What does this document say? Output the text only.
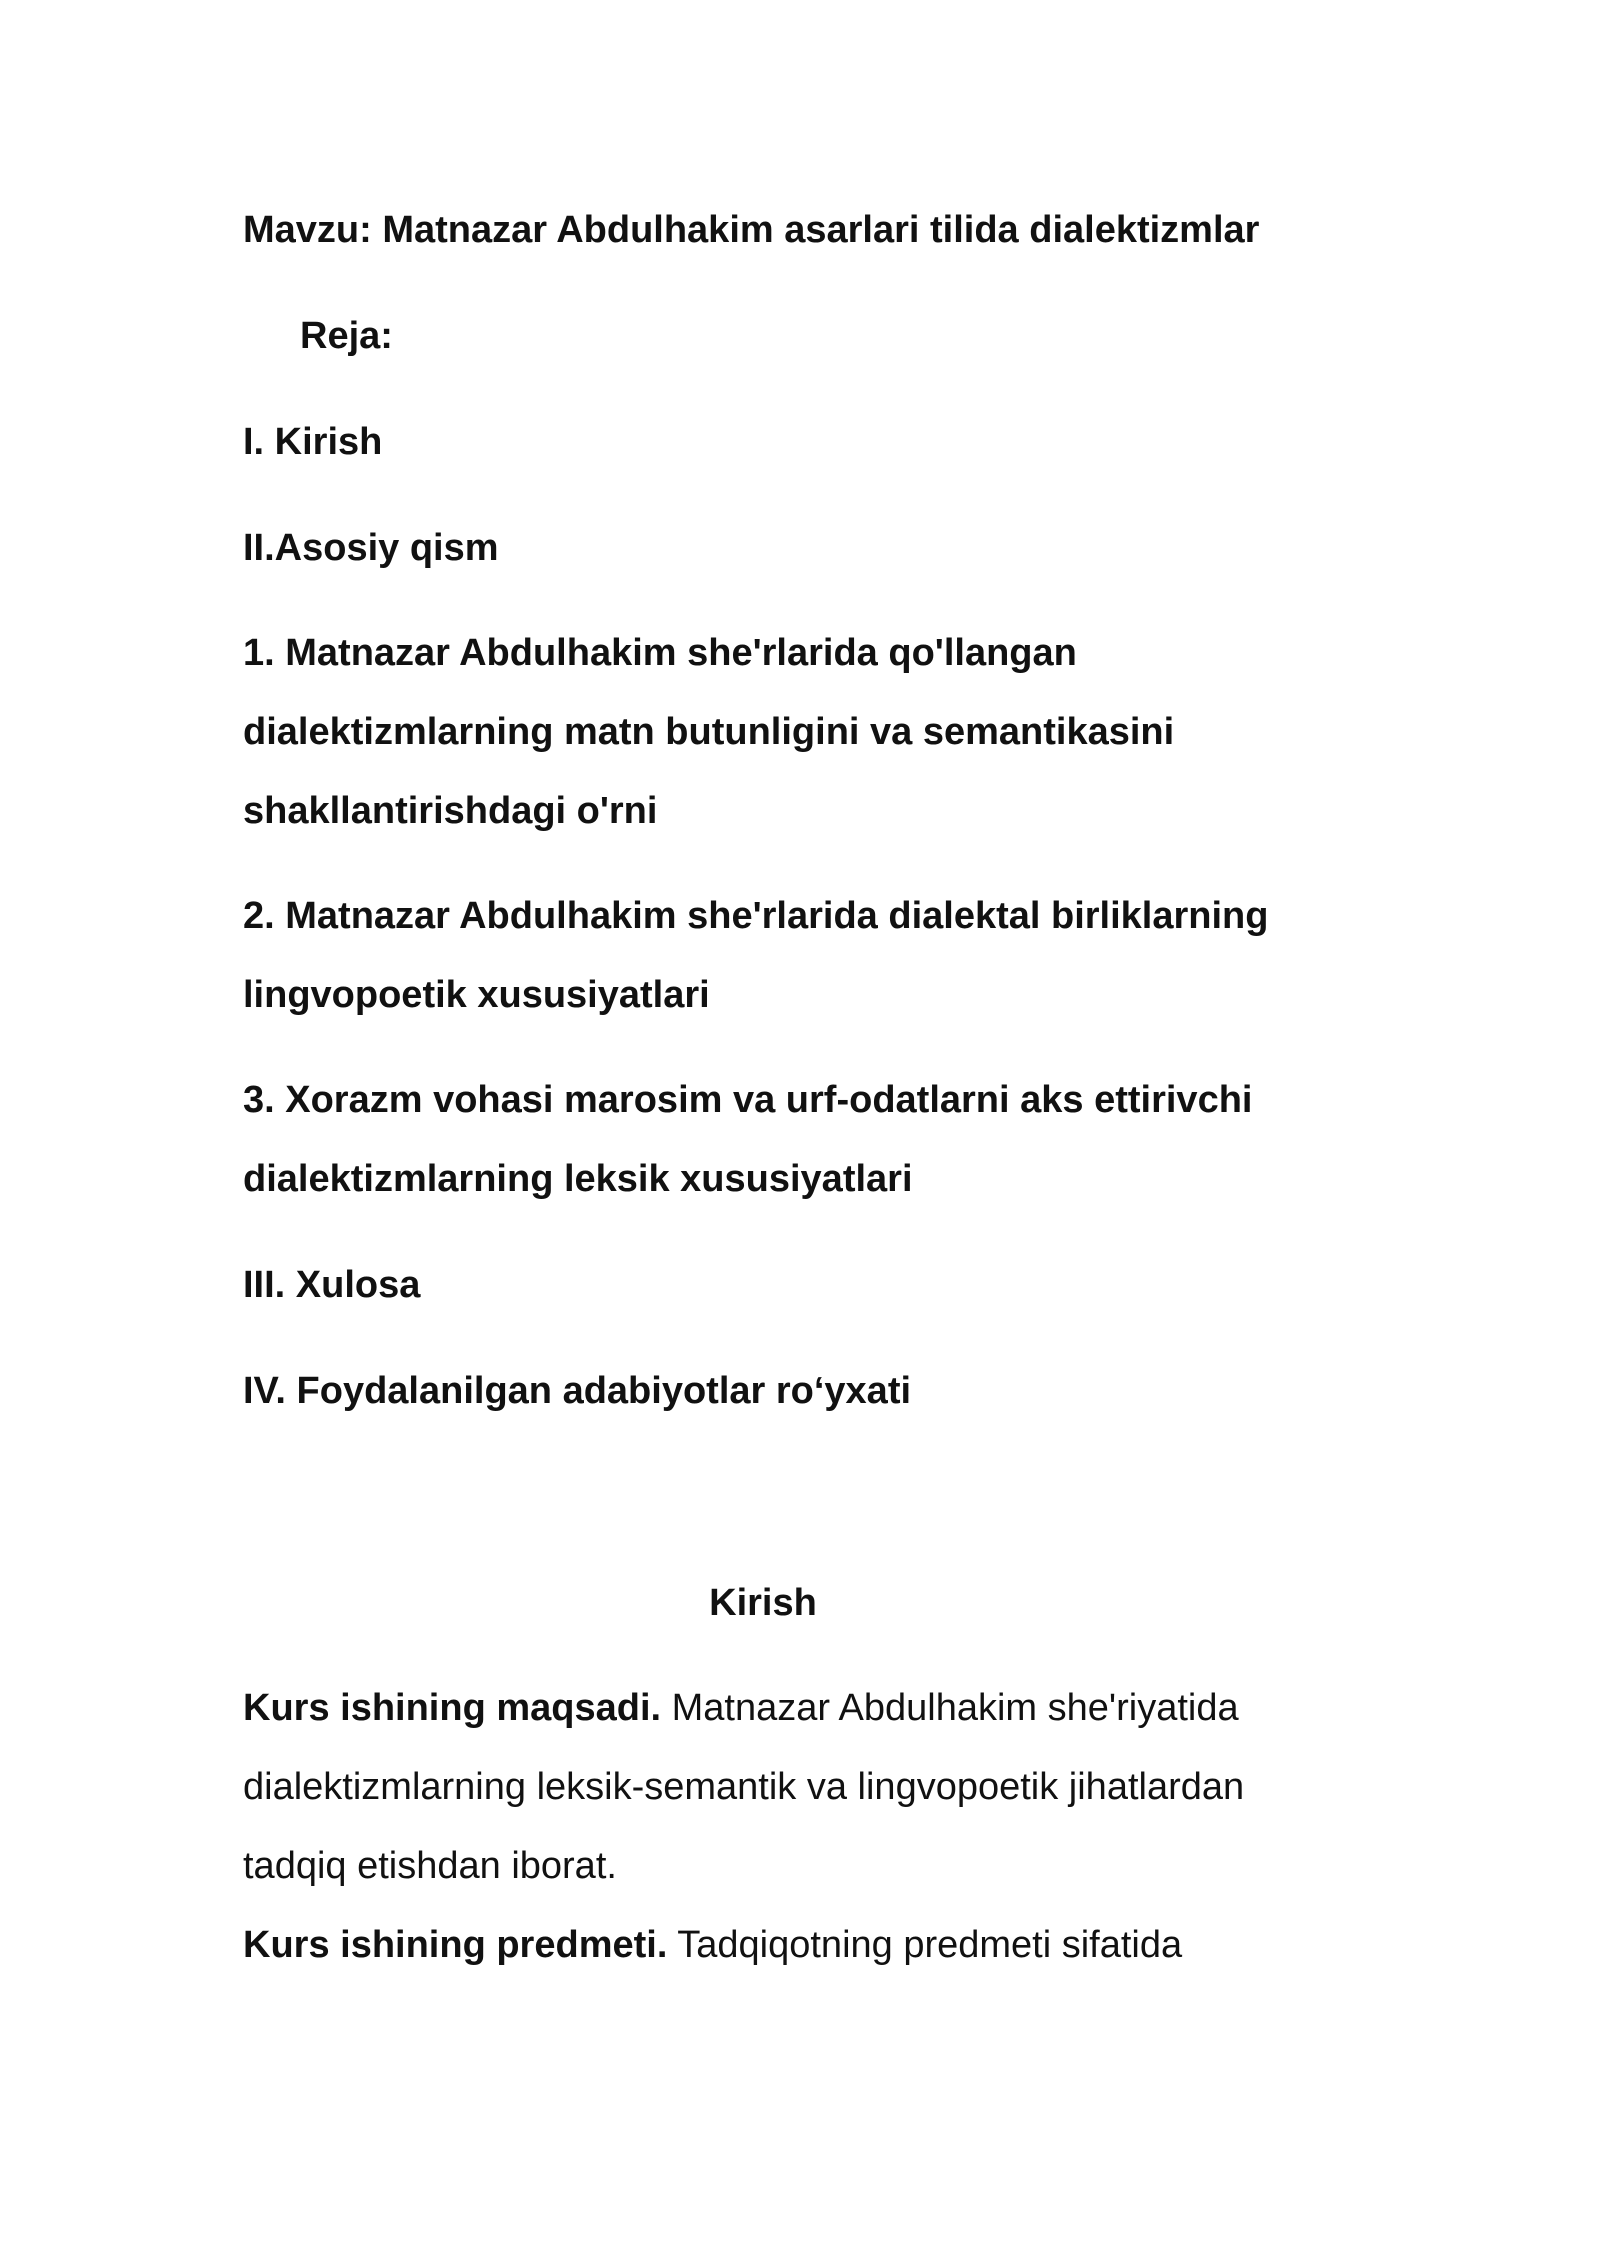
Mavzu: Matnazar Abdulhakim asarlari tilida dialektizmlar

Reja:

I. Kirish

II.Asosiy qism

1. Matnazar Abdulhakim she'rlarida qo'llangan dialektizmlarning matn butunligini va semantikasini shakllantirishdagi o'rni

2. Matnazar Abdulhakim she'rlarida dialektal birliklarning lingvopoetik xususiyatlari

3. Xorazm vohasi marosim va urf-odatlarni aks ettirivchi dialektizmlarning leksik xususiyatlari

III. Xulosa

IV. Foydalanilgan adabiyotlar ro‘yxati

Kirish

Kurs ishining maqsadi. Matnazar Abdulhakim she'riyatida dialektizmlarning leksik-semantik va lingvopoetik jihatlardan tadqiq etishdan iborat.

Kurs ishining predmeti. Tadqiqotning predmeti sifatida
